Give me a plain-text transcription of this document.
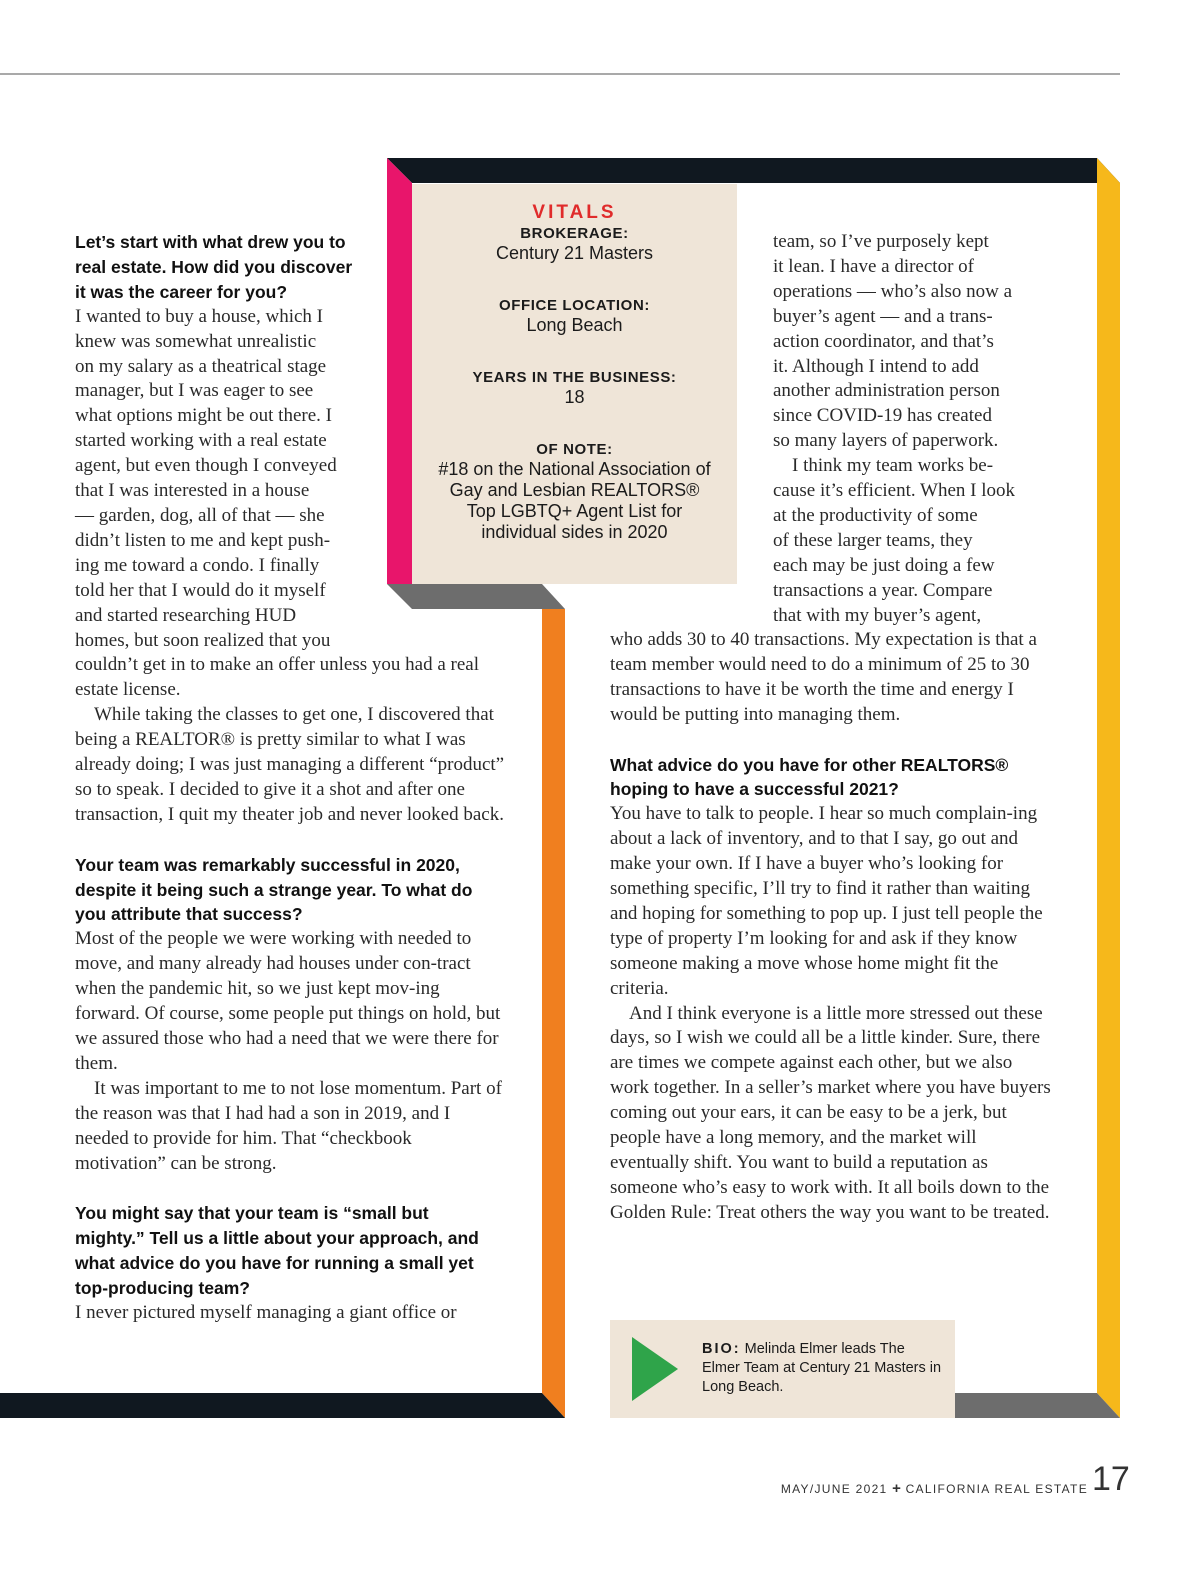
VITALS
BROKERAGE:
Century 21 Masters
OFFICE LOCATION:
Long Beach
YEARS IN THE BUSINESS:
18
OF NOTE:
#18 on the National Association of Gay and Lesbian REALTORS® Top LGBTQ+ Agent List for individual sides in 2020

Let’s start with what drew you to
real estate. How did you discover
it was the career for you?

I wanted to buy a house, which I
knew was somewhat unrealistic
on my salary as a theatrical stage
manager, but I was eager to see
what options might be out there. I
started working with a real estate
agent, but even though I conveyed
that I was interested in a house
— garden, dog, all of that — she
didn’t listen to me and kept push-
ing me toward a condo. I finally
told her that I would do it myself
and started researching HUD
homes, but soon realized that you

couldn’t get in to make an offer unless you had a real estate license.

While taking the classes to get one, I discovered that being a REALTOR® is pretty similar to what I was already doing; I was just managing a different “product” so to speak. I decided to give it a shot and after one transaction, I quit my theater job and never looked back.

Your team was remarkably successful in 2020, despite it being such a strange year. To what do you attribute that success?

Most of the people we were working with needed to move, and many already had houses under con-tract when the pandemic hit, so we just kept mov-ing forward. Of course, some people put things on hold, but we assured those who had a need that we were there for them.

It was important to me to not lose momentum. Part of the reason was that I had had a son in 2019, and I needed to provide for him. That “checkbook motivation” can be strong.

You might say that your team is “small but mighty.” Tell us a little about your approach, and what advice do you have for running a small yet top-producing team?

I never pictured myself managing a giant office or

team, so I’ve purposely kept
it lean. I have a director of
operations — who’s also now a
buyer’s agent — and a trans-
action coordinator, and that’s
it. Although I intend to add
another administration person
since COVID-19 has created
so many layers of paperwork.

I think my team works be-
cause it’s efficient. When I look
at the productivity of some
of these larger teams, they
each may be just doing a few
transactions a year. Compare
that with my buyer’s agent,

who adds 30 to 40 transactions. My expectation is that a team member would need to do a minimum of 25 to 30 transactions to have it be worth the time and energy I would be putting into managing them.

What advice do you have for other REALTORS® hoping to have a successful 2021?

You have to talk to people. I hear so much complain-ing about a lack of inventory, and to that I say, go out and make your own. If I have a buyer who’s looking for something specific, I’ll try to find it rather than waiting and hoping for something to pop up. I just tell people the type of property I’m looking for and ask if they know someone making a move whose home might fit the criteria.

And I think everyone is a little more stressed out these days, so I wish we could all be a little kinder. Sure, there are times we compete against each other, but we also work together. In a seller’s market where you have buyers coming out your ears, it can be easy to be a jerk, but people have a long memory, and the market will eventually shift. You want to build a reputation as someone who’s easy to work with. It all boils down to the Golden Rule: Treat others the way you want to be treated.

BIO: Melinda Elmer leads The Elmer Team at Century 21 Masters in Long Beach.
MAY/JUNE 2021 + CALIFORNIA REAL ESTATE 17
